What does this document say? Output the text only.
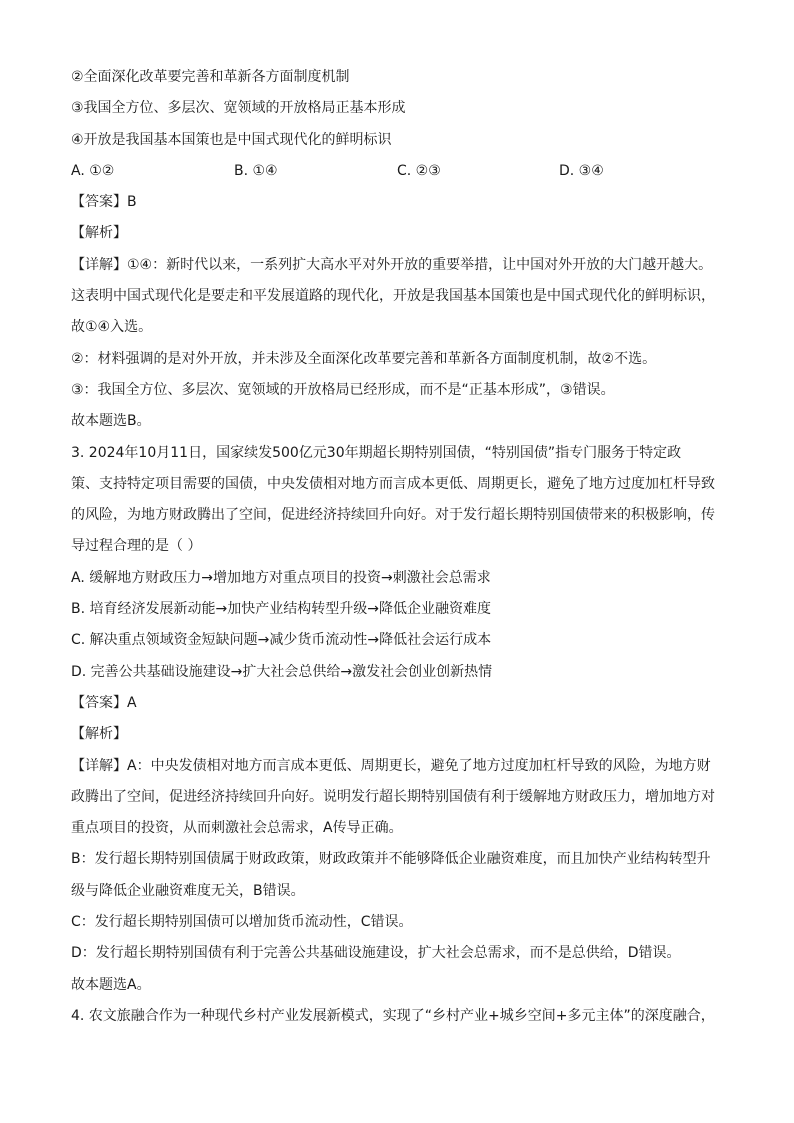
②全面深化改革要完善和革新各方面制度机制
③我国全方位、多层次、宽领域的开放格局正基本形成
④开放是我国基本国策也是中国式现代化的鲜明标识
A. ①②	B. ①④	C. ②③	D. ③④
【答案】B
【解析】
【详解】①④：新时代以来，一系列扩大高水平对外开放的重要举措，让中国对外开放的大门越开越大。
这表明中国式现代化是要走和平发展道路的现代化，开放是我国基本国策也是中国式现代化的鲜明标识，
故①④入选。
②：材料强调的是对外开放，并未涉及全面深化改革要完善和革新各方面制度机制，故②不选。
③：我国全方位、多层次、宽领域的开放格局已经形成，而不是“正基本形成”，③错误。
故本题选B。
3. 2024年10月11日，国家续发500亿元30年期超长期特别国债，“特别国债”指专门服务于特定政
策、支持特定项目需要的国债，中央发债相对地方而言成本更低、周期更长，避免了地方过度加杠杆导致
的风险，为地方财政腾出了空间，促进经济持续回升向好。对于发行超长期特别国债带来的积极影响，传
导过程合理的是（ ）
A. 缓解地方财政压力→增加地方对重点项目的投资→刺激社会总需求
B. 培育经济发展新动能→加快产业结构转型升级→降低企业融资难度
C. 解决重点领域资金短缺问题→减少货币流动性→降低社会运行成本
D. 完善公共基础设施建设→扩大社会总供给→激发社会创业创新热情
【答案】A
【解析】
【详解】A：中央发债相对地方而言成本更低、周期更长，避免了地方过度加杠杆导致的风险，为地方财
政腾出了空间，促进经济持续回升向好。说明发行超长期特别国债有利于缓解地方财政压力，增加地方对
重点项目的投资，从而刺激社会总需求，A传导正确。
B：发行超长期特别国债属于财政政策，财政政策并不能够降低企业融资难度，而且加快产业结构转型升
级与降低企业融资难度无关，B错误。
C：发行超长期特别国债可以增加货币流动性，C错误。
D：发行超长期特别国债有利于完善公共基础设施建设，扩大社会总需求，而不是总供给，D错误。
故本题选A。
4. 农文旅融合作为一种现代乡村产业发展新模式，实现了“乡村产业+城乡空间+多元主体”的深度融合，
